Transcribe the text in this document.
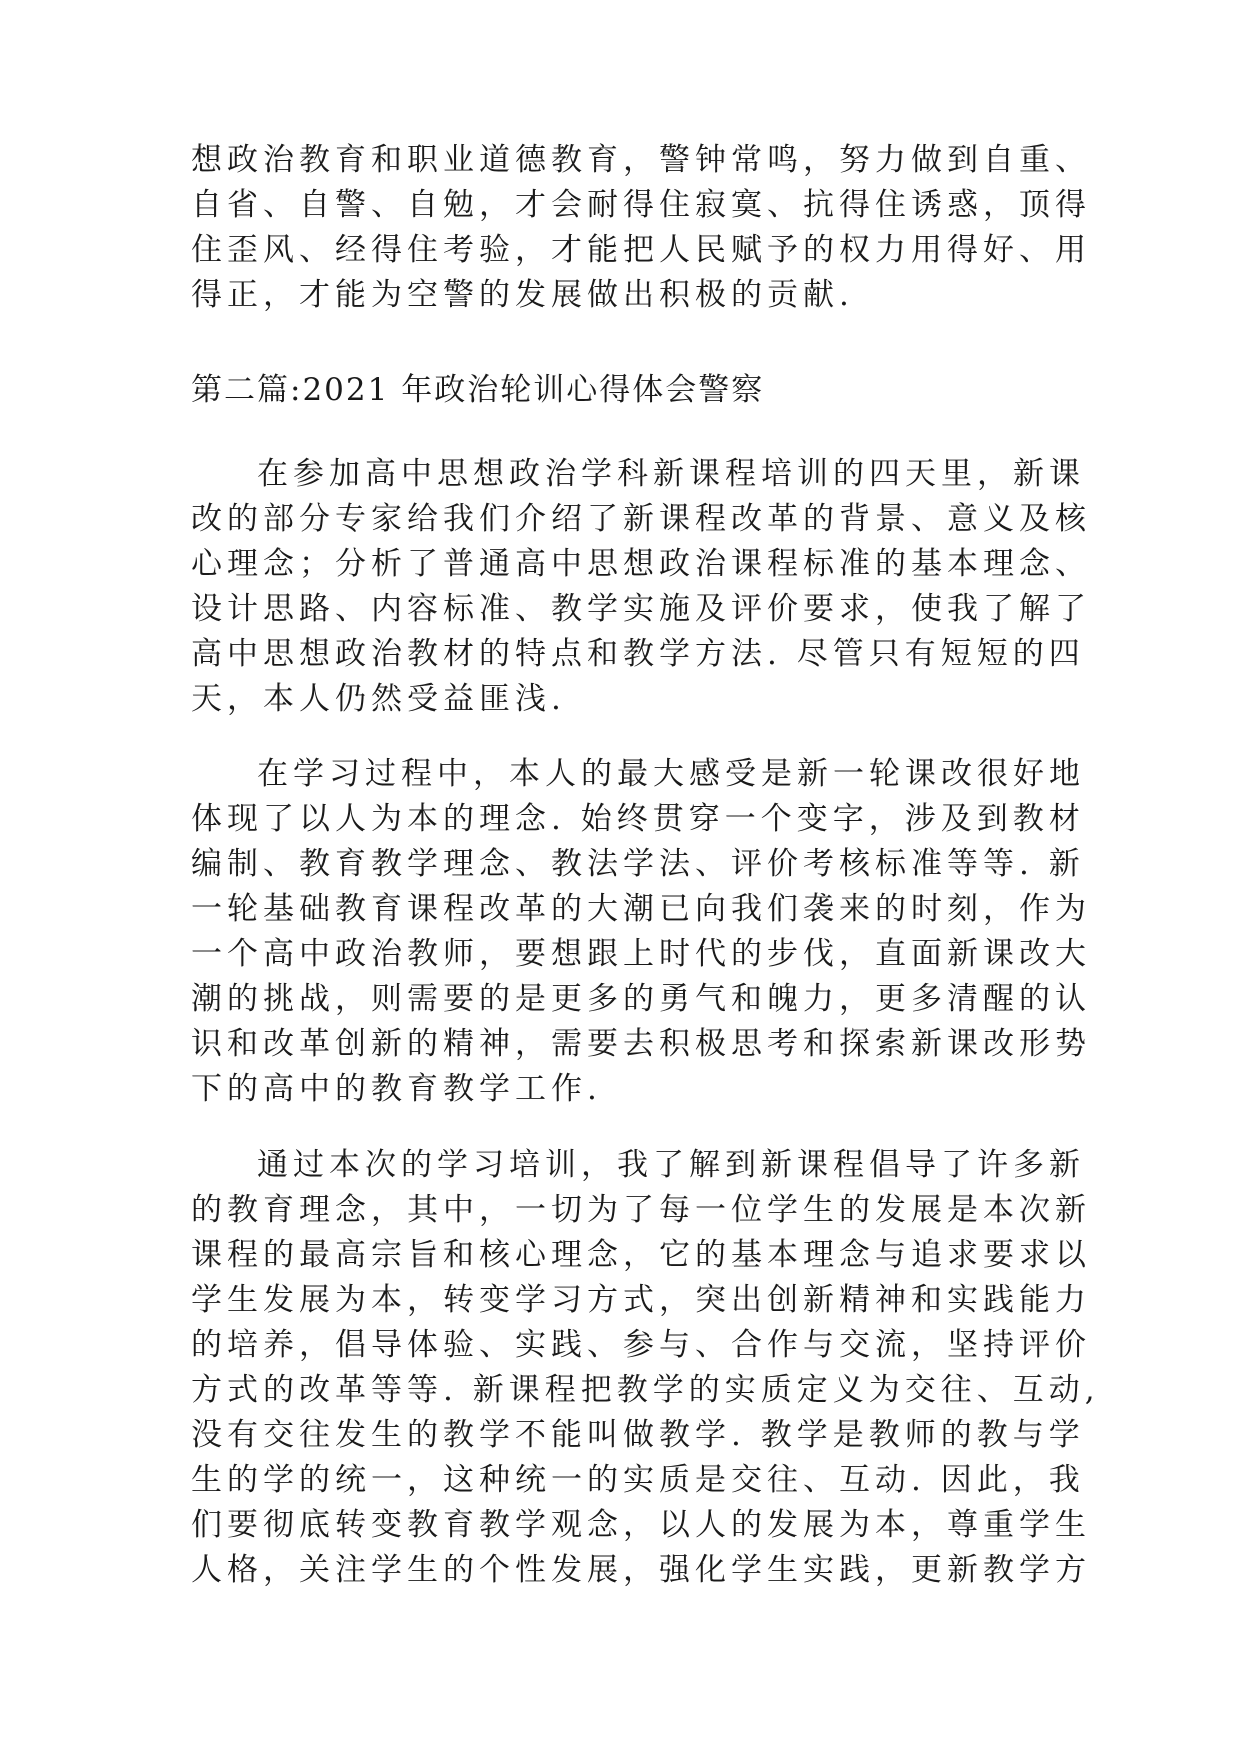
想政治教育和职业道德教育，警钟常鸣，努力做到自重、
自省、自警、自勉，才会耐得住寂寞、抗得住诱惑，顶得
住歪风、经得住考验，才能把人民赋予的权力用得好、用
得正，才能为空警的发展做出积极的贡献.
第二篇:2021 年政治轮训心得体会警察
在参加高中思想政治学科新课程培训的四天里，新课
改的部分专家给我们介绍了新课程改革的背景、意义及核
心理念；分析了普通高中思想政治课程标准的基本理念、
设计思路、内容标准、教学实施及评价要求，使我了解了
高中思想政治教材的特点和教学方法. 尽管只有短短的四
天，本人仍然受益匪浅.
在学习过程中，本人的最大感受是新一轮课改很好地
体现了以人为本的理念. 始终贯穿一个变字，涉及到教材
编制、教育教学理念、教法学法、评价考核标准等等. 新
一轮基础教育课程改革的大潮已向我们袭来的时刻，作为
一个高中政治教师，要想跟上时代的步伐，直面新课改大
潮的挑战，则需要的是更多的勇气和魄力，更多清醒的认
识和改革创新的精神，需要去积极思考和探索新课改形势
下的高中的教育教学工作.
通过本次的学习培训，我了解到新课程倡导了许多新
的教育理念，其中，一切为了每一位学生的发展是本次新
课程的最高宗旨和核心理念，它的基本理念与追求要求以
学生发展为本，转变学习方式，突出创新精神和实践能力
的培养，倡导体验、实践、参与、合作与交流，坚持评价
方式的改革等等. 新课程把教学的实质定义为交往、互动,
没有交往发生的教学不能叫做教学. 教学是教师的教与学
生的学的统一，这种统一的实质是交往、互动. 因此，我
们要彻底转变教育教学观念，以人的发展为本，尊重学生
人格，关注学生的个性发展，强化学生实践，更新教学方
